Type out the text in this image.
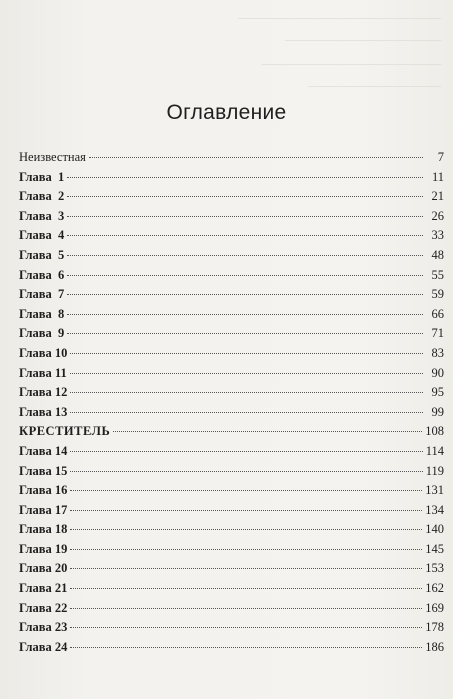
──────────────────────────
────────────────────
───────────────────────
─────────────────
Оглавление
Неизвестная	7
Глава  1	11
Глава  2	21
Глава  3	26
Глава  4	33
Глава  5	48
Глава  6	55
Глава  7	59
Глава  8	66
Глава  9	71
Глава 10	83
Глава 11	90
Глава 12	95
Глава 13	99
КРЕСТИТЕЛЬ	108
Глава 14	114
Глава 15	119
Глава 16	131
Глава 17	134
Глава 18	140
Глава 19	145
Глава 20	153
Глава 21	162
Глава 22	169
Глава 23	178
Глава 24	186
